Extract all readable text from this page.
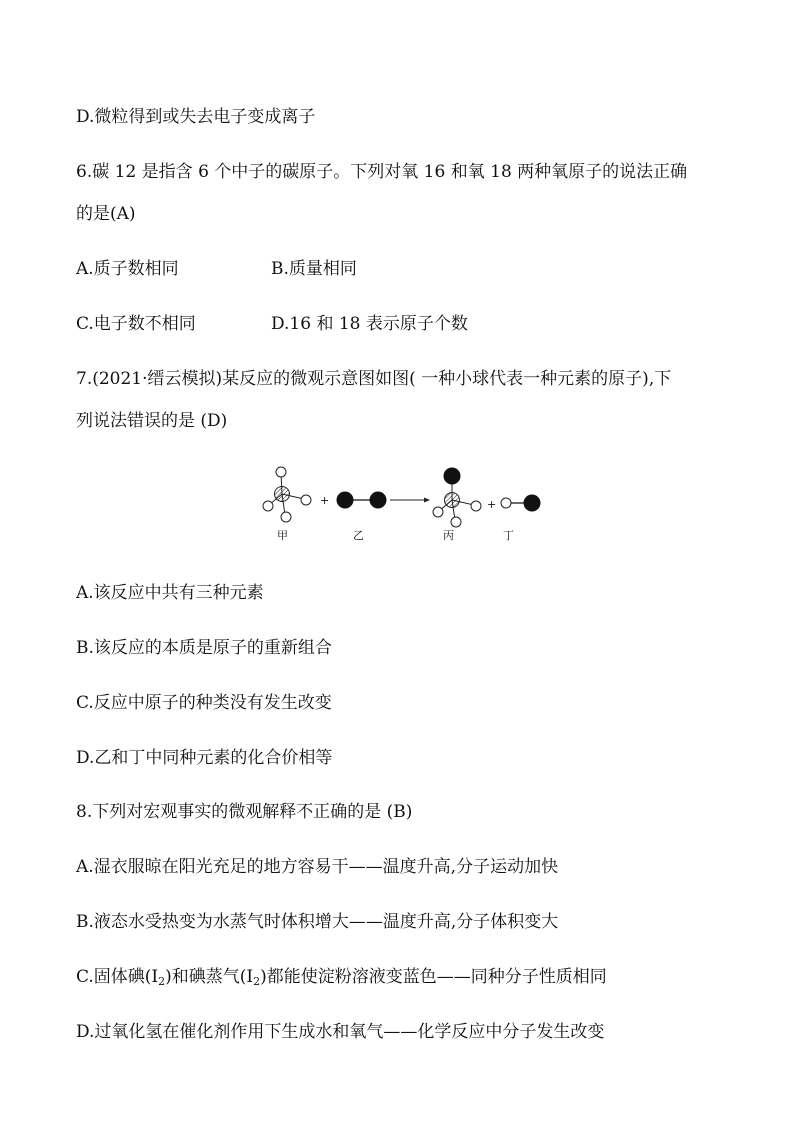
D.微粒得到或失去电子变成离子
6.碳 12 是指含 6 个中子的碳原子。下列对氧 16 和氧 18 两种氧原子的说法正确
的是(A)
A.质子数相同	B.质量相同
C.电子数不相同	D.16 和 18 表示原子个数
7.(2021·缙云模拟)某反应的微观示意图如图( 一种小球代表一种元素的原子),下
列说法错误的是 (D)
+	+
甲	乙	丙	丁
A.该反应中共有三种元素
B.该反应的本质是原子的重新组合
C.反应中原子的种类没有发生改变
D.乙和丁中同种元素的化合价相等
8.下列对宏观事实的微观解释不正确的是 (B)
A.湿衣服晾在阳光充足的地方容易干——温度升高,分子运动加快
B.液态水受热变为水蒸气时体积增大——温度升高,分子体积变大
C.固体碘$(I_2)$和碘蒸气$(I_2)$都能使淀粉溶液变蓝色——同种分子性质相同
D.过氧化氢在催化剂作用下生成水和氧气——化学反应中分子发生改变
